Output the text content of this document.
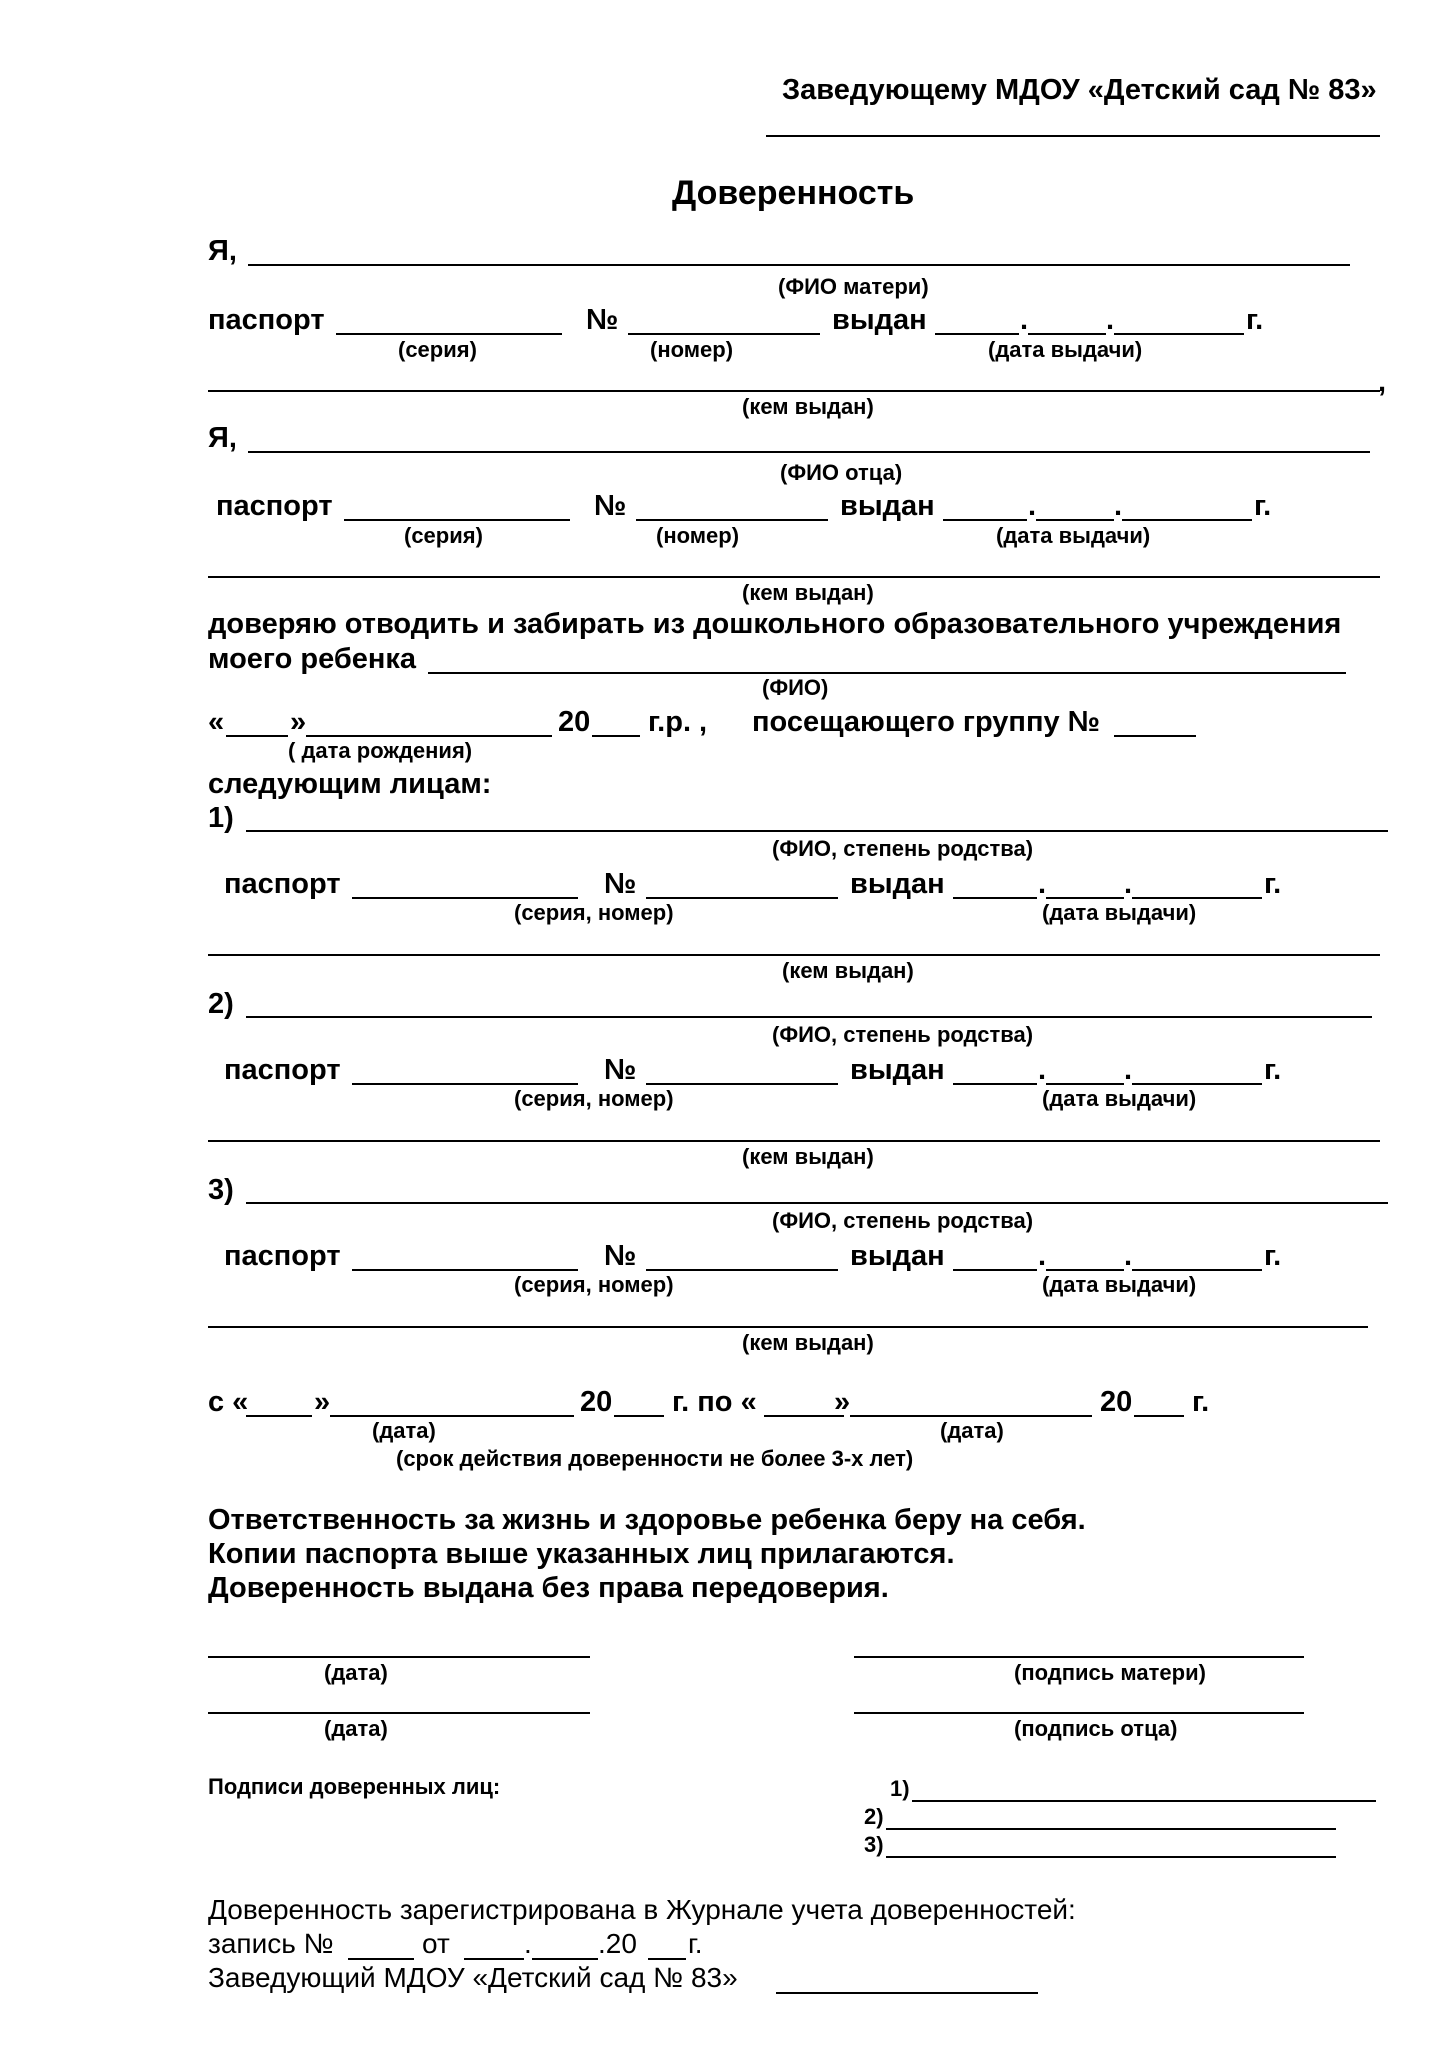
Заведующему МДОУ «Детский сад № 83»
Доверенность
Я,
(ФИО матери)
паспорт	№	выдан	.	.	г.
(серия)	(номер)	(дата выдачи)
,
(кем выдан)
Я,
(ФИО отца)
паспорт	№	выдан	.	.	г.
(серия)	(номер)	(дата выдачи)
(кем выдан)
доверяю отводить и забирать из дошкольного образовательного учреждения
моего ребенка
(ФИО)
« »	20 г.р. , посещающего группу №
( дата рождения)
следующим лицам:
1)
(ФИО, степень родства)
паспорт	№	выдан	.	.	г.
(серия, номер)	(дата выдачи)
(кем выдан)
2)
(ФИО, степень родства)
паспорт	№	выдан	.	.	г.
(серия, номер)	(дата выдачи)
(кем выдан)
3)
(ФИО, степень родства)
паспорт	№	выдан	.	.	г.
(серия, номер)	(дата выдачи)
(кем выдан)
с « »	20 г. по «	»	20 г.
(дата)	(дата)
(срок действия доверенности не более 3-х лет)
Ответственность за жизнь и здоровье ребенка беру на себя.
Копии паспорта выше указанных лиц прилагаются.
Доверенность выдана без права передоверия.
(дата)	(подпись матери)
(дата)	(подпись отца)
Подписи доверенных лиц:	1)
2)
3)
Доверенность зарегистрирована в Журнале учета доверенностей:
запись №	от	. .20 г.
Заведующий МДОУ «Детский сад № 83»
